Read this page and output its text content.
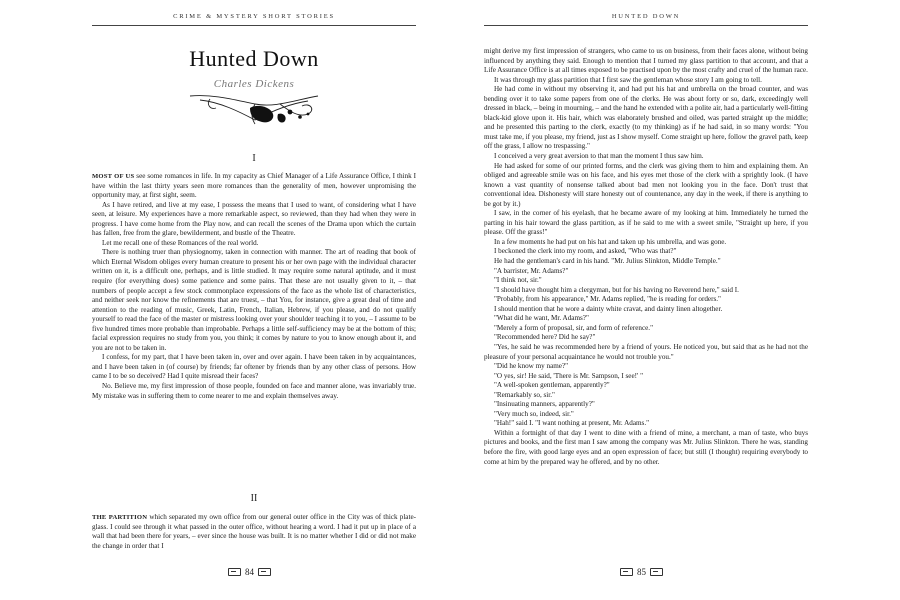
CRIME & MYSTERY SHORT STORIES
Hunted Down
Charles Dickens
I

MOST OF US see some romances in life. In my capacity as Chief Manager of a Life Assurance Office, I think I have within the last thirty years seen more romances than the generality of men, however unpromising the opportunity may, at first sight, seem.

As I have retired, and live at my ease, I possess the means that I used to want, of considering what I have seen, at leisure. My experiences have a more remarkable aspect, so reviewed, than they had when they were in progress. I have come home from the Play now, and can recall the scenes of the Drama upon which the curtain has fallen, free from the glare, bewilderment, and bustle of the Theatre.

Let me recall one of these Romances of the real world.

There is nothing truer than physiognomy, taken in connection with manner. The art of reading that book of which Eternal Wisdom obliges every human creature to present his or her own page with the individual character written on it, is a difficult one, perhaps, and is little studied. It may require some natural aptitude, and it must require (for everything does) some patience and some pains. That these are not usually given to it, – that numbers of people accept a few stock commonplace expressions of the face as the whole list of characteristics, and neither seek nor know the refinements that are truest, – that You, for instance, give a great deal of time and attention to the reading of music, Greek, Latin, French, Italian, Hebrew, if you please, and do not qualify yourself to read the face of the master or mistress looking over your shoulder teaching it to you, – I assume to be five hundred times more probable than improbable. Perhaps a little self-sufficiency may be at the bottom of this; facial expression requires no study from you, you think; it comes by nature to you to know enough about it, and you are not to be taken in.

I confess, for my part, that I have been taken in, over and over again. I have been taken in by acquaintances, and I have been taken in (of course) by friends; far oftener by friends than by any other class of persons. How came I to be so deceived? Had I quite misread their faces?

No. Believe me, my first impression of those people, founded on face and manner alone, was invariably true. My mistake was in suffering them to come nearer to me and explain themselves away.

II

THE PARTITION which separated my own office from our general outer office in the City was of thick plate-glass. I could see through it what passed in the outer office, without hearing a word. I had it put up in place of a wall that had been there for years, – ever since the house was built. It is no matter whether I did or did not make the change in order that I

84
HUNTED DOWN

might derive my first impression of strangers, who came to us on business, from their faces alone, without being influenced by anything they said. Enough to mention that I turned my glass partition to that account, and that a Life Assurance Office is at all times exposed to be practised upon by the most crafty and cruel of the human race.

It was through my glass partition that I first saw the gentleman whose story I am going to tell.

He had come in without my observing it, and had put his hat and umbrella on the broad counter, and was bending over it to take some papers from one of the clerks. He was about forty or so, dark, exceedingly well dressed in black, – being in mourning, – and the hand he extended with a polite air, had a particularly well-fitting black-kid glove upon it. His hair, which was elaborately brushed and oiled, was parted straight up the middle; and he presented this parting to the clerk, exactly (to my thinking) as if he had said, in so many words: "You must take me, if you please, my friend, just as I show myself. Come straight up here, follow the gravel path, keep off the grass, I allow no trespassing."

I conceived a very great aversion to that man the moment I thus saw him.

He had asked for some of our printed forms, and the clerk was giving them to him and explaining them. An obliged and agreeable smile was on his face, and his eyes met those of the clerk with a sprightly look. (I have known a vast quantity of nonsense talked about bad men not looking you in the face. Don't trust that conventional idea. Dishonesty will stare honesty out of countenance, any day in the week, if there is anything to be got by it.)

I saw, in the corner of his eyelash, that he became aware of my looking at him. Immediately he turned the parting in his hair toward the glass partition, as if he said to me with a sweet smile, "Straight up here, if you please. Off the grass!"

In a few moments he had put on his hat and taken up his umbrella, and was gone.

I beckoned the clerk into my room, and asked, "Who was that?"

He had the gentleman's card in his hand. "Mr. Julius Slinkton, Middle Temple."

"A barrister, Mr. Adams?"

"I think not, sir."

"I should have thought him a clergyman, but for his having no Reverend here," said I.

"Probably, from his appearance," Mr. Adams replied, "he is reading for orders."

I should mention that he wore a dainty white cravat, and dainty linen altogether.

"What did he want, Mr. Adams?"

"Merely a form of proposal, sir, and form of reference."

"Recommended here? Did he say?"

"Yes, he said he was recommended here by a friend of yours. He noticed you, but said that as he had not the pleasure of your personal acquaintance he would not trouble you."

"Did he know my name?"

"O yes, sir! He said, 'There is Mr. Sampson, I see!' "

"A well-spoken gentleman, apparently?"

"Remarkably so, sir."

"Insinuating manners, apparently?"

"Very much so, indeed, sir."

"Hah!" said I. "I want nothing at present, Mr. Adams."

Within a fortnight of that day I went to dine with a friend of mine, a merchant, a man of taste, who buys pictures and books, and the first man I saw among the company was Mr. Julius Slinkton. There he was, standing before the fire, with good large eyes and an open expression of face; but still (I thought) requiring everybody to come at him by the prepared way he offered, and by no other.

85
